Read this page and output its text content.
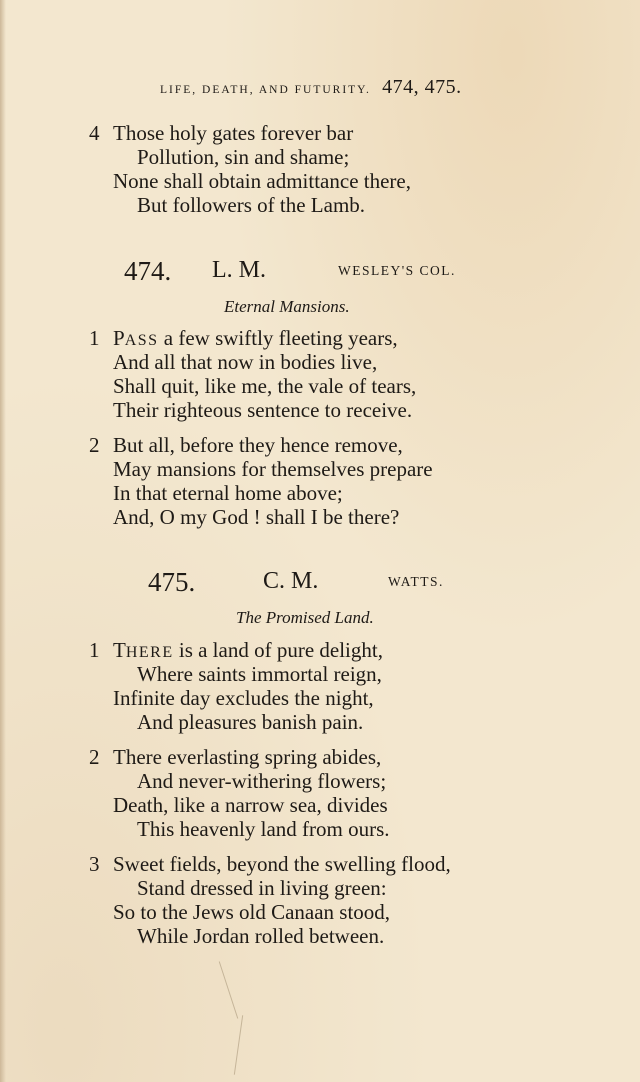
LIFE, DEATH, AND FUTURITY. 474, 475.
4 Those holy gates forever bar
Pollution, sin and shame;
None shall obtain admittance there,
But followers of the Lamb.
474. L. M.	WESLEY'S COL.
Eternal Mansions.
1 PASS a few swiftly fleeting years,
And all that now in bodies live,
Shall quit, like me, the vale of tears,
Their righteous sentence to receive.
2 But all, before they hence remove,
May mansions for themselves prepare
In that eternal home above;
And, O my God ! shall I be there?
475.	C. M.	WATTS.
The Promised Land.
1 THERE is a land of pure delight,
Where saints immortal reign,
Infinite day excludes the night,
And pleasures banish pain.
2 There everlasting spring abides,
And never-withering flowers;
Death, like a narrow sea, divides
This heavenly land from ours.
3 Sweet fields, beyond the swelling flood,
Stand dressed in living green:
So to the Jews old Canaan stood,
While Jordan rolled between.
